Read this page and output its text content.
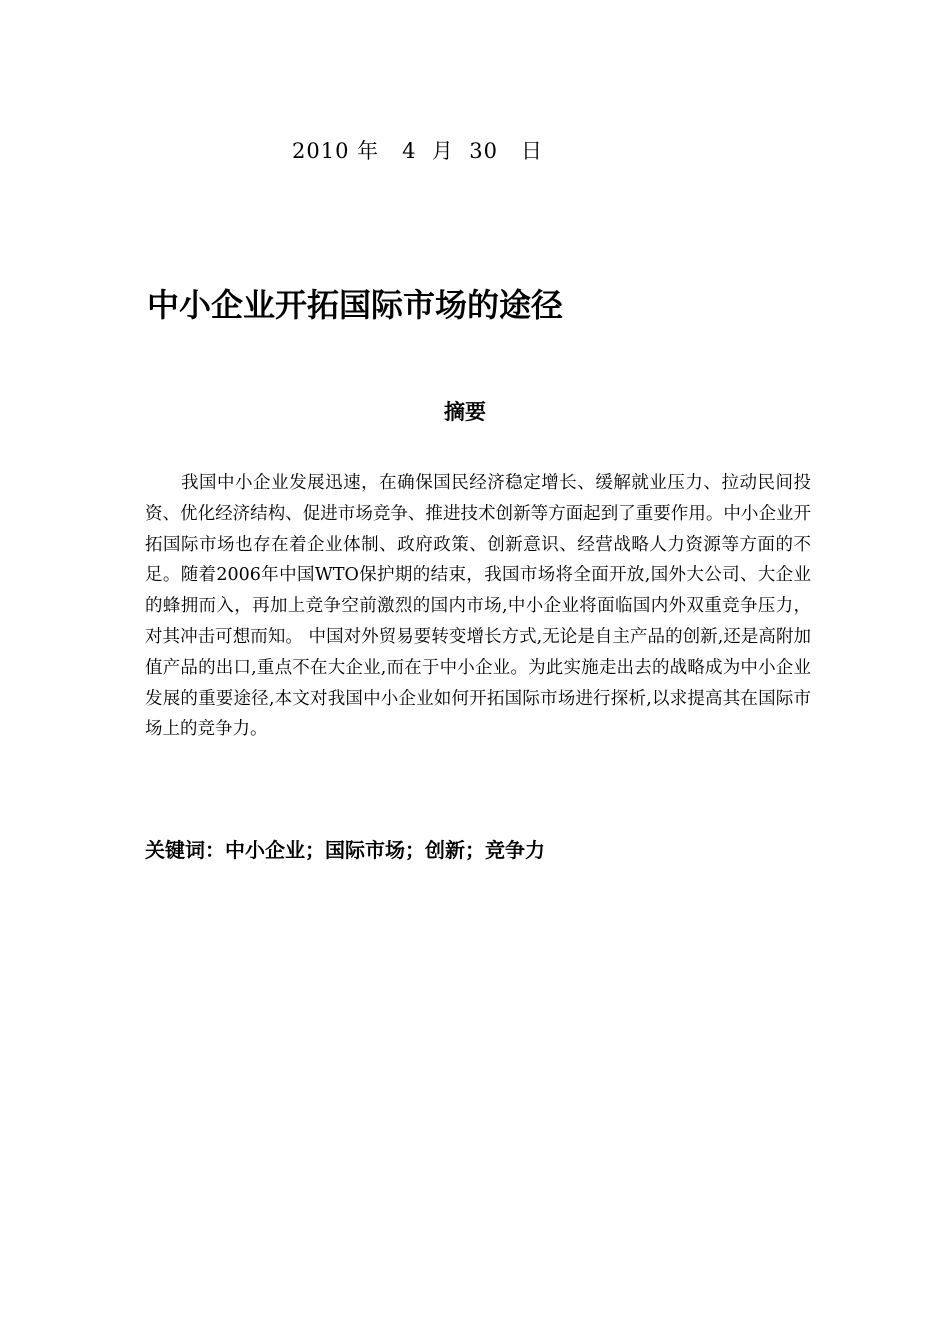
2010 年 4 月 30 日
中小企业开拓国际市场的途径
摘要

我国中小企业发展迅速，在确保国民经济稳定增长、缓解就业压力、拉动民间投资、优化经济结构、促进市场竞争、推进技术创新等方面起到了重要作用。中小企业开拓国际市场也存在着企业体制、政府政策、创新意识、经营战略人力资源等方面的不足。随着2006年中国WTO保护期的结束，我国市场将全面开放,国外大公司、大企业的蜂拥而入，再加上竞争空前激烈的国内市场,中小企业将面临国内外双重竞争压力， 对其冲击可想而知。 中国对外贸易要转变增长方式,无论是自主产品的创新,还是高附加值产品的出口,重点不在大企业,而在于中小企业。为此实施走出去的战略成为中小企业发展的重要途径,本文对我国中小企业如何开拓国际市场进行探析,以求提高其在国际市场上的竞争力。

关键词：中小企业；国际市场；创新；竞争力
